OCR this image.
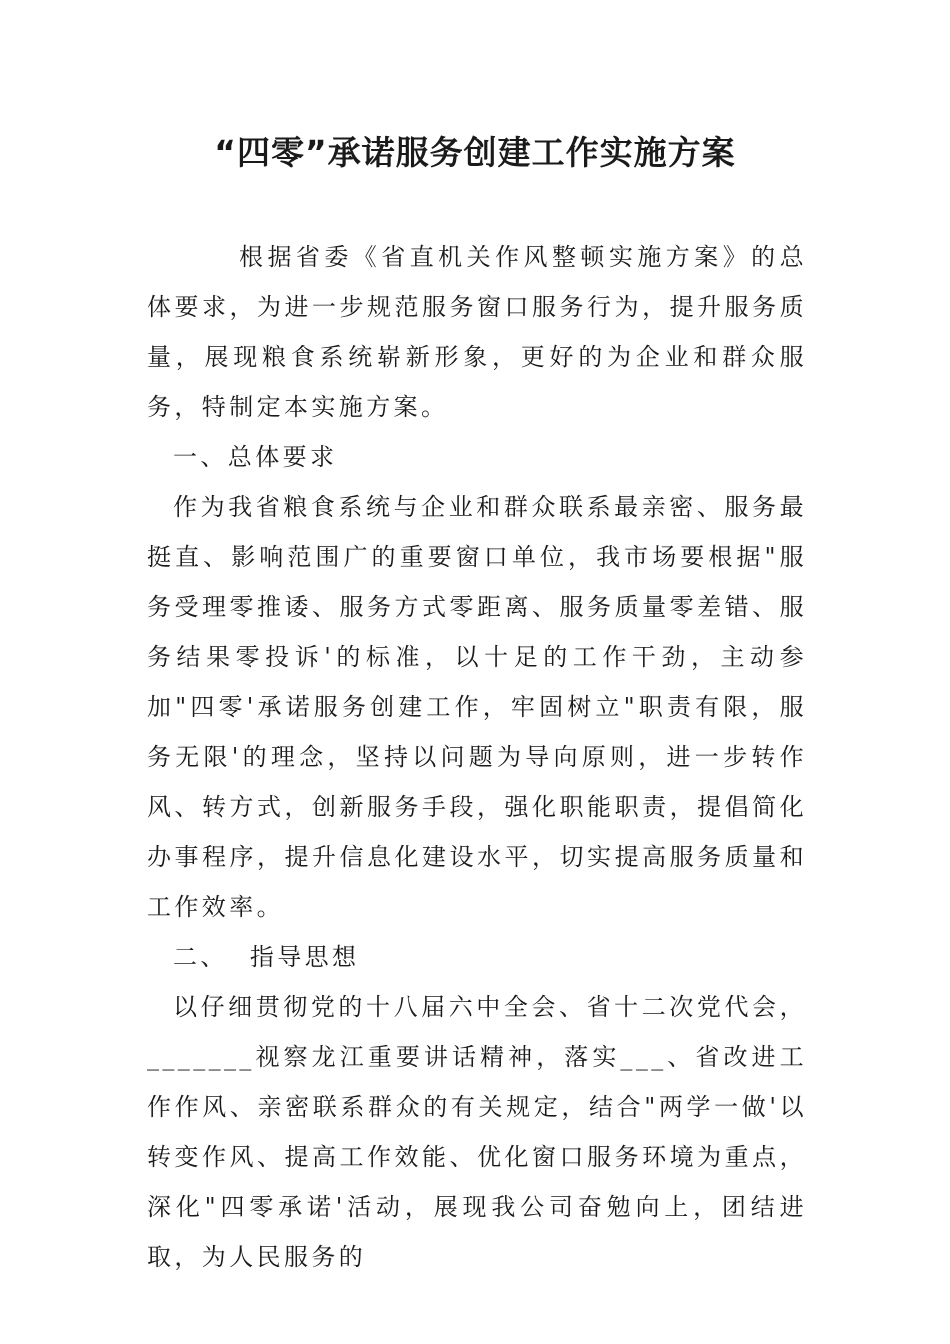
“四零”承诺服务创建工作实施方案

根据省委《省直机关作风整顿实施方案》的总体要求，为进一步规范服务窗口服务行为，提升服务质量，展现粮食系统崭新形象，更好的为企业和群众服务，特制定本实施方案。

一、总体要求

作为我省粮食系统与企业和群众联系最亲密、服务最挺直、影响范围广的重要窗口单位，我市场要根据"服务受理零推诿、服务方式零距离、服务质量零差错、服务结果零投诉'的标准，以十足的工作干劲，主动参加"四零'承诺服务创建工作，牢固树立"职责有限，服务无限'的理念，坚持以问题为导向原则，进一步转作风、转方式，创新服务手段，强化职能职责，提倡简化办事程序，提升信息化建设水平，切实提高服务质量和工作效率。

二、  指导思想

以仔细贯彻党的十八届六中全会、省十二次党代会，_______视察龙江重要讲话精神，落实___、省改进工作作风、亲密联系群众的有关规定，结合"两学一做'以转变作风、提高工作效能、优化窗口服务环境为重点，深化"四零承诺'活动，展现我公司奋勉向上，团结进取，为人民服务的
